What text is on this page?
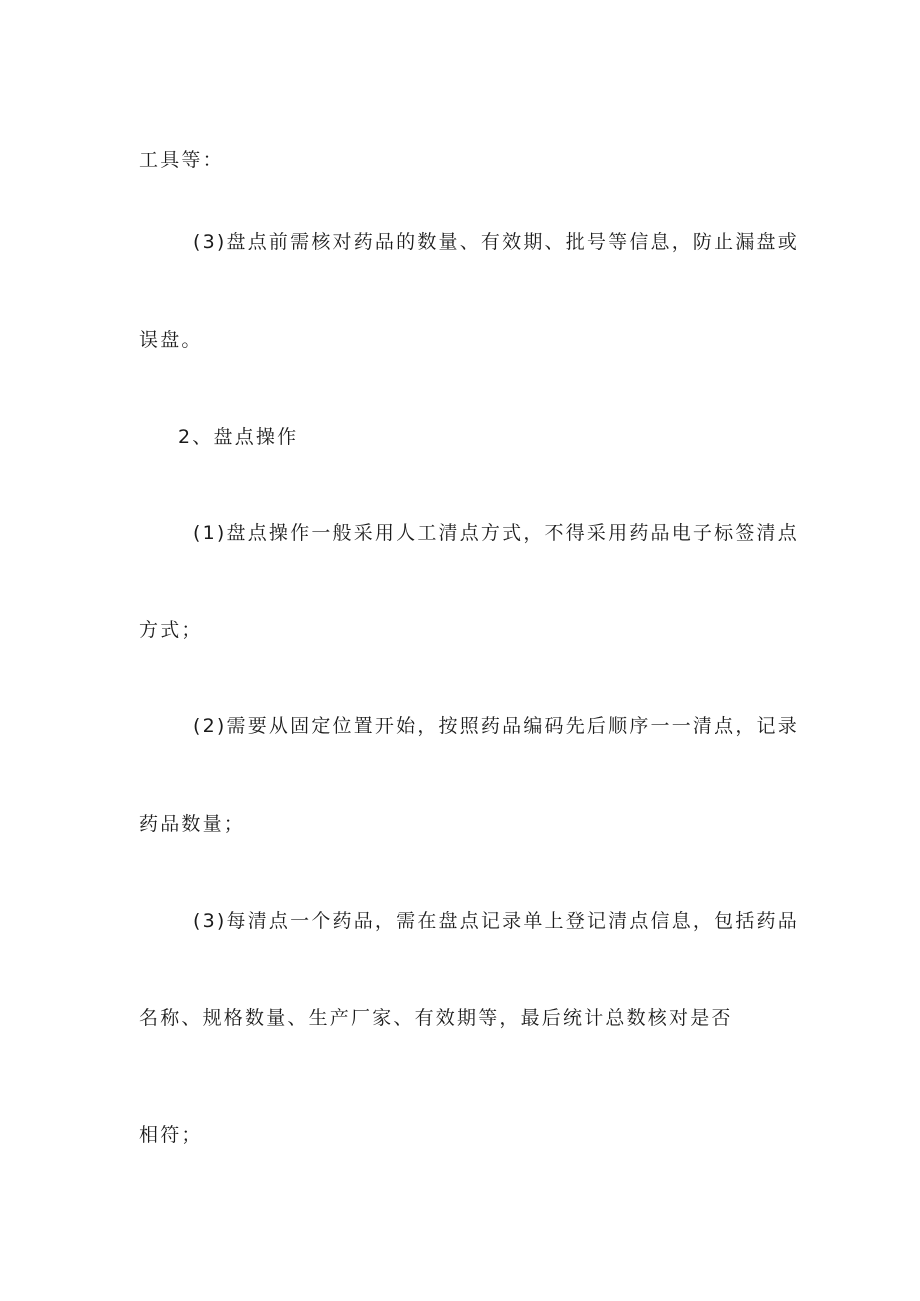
工具等：
(3)盘点前需核对药品的数量、有效期、批号等信息，防止漏盘或
误盘。
2、盘点操作
(1)盘点操作一般采用人工清点方式，不得采用药品电子标签清点
方式；
(2)需要从固定位置开始，按照药品编码先后顺序一一清点，记录
药品数量；
(3)每清点一个药品，需在盘点记录单上登记清点信息，包括药品
名称、规格数量、生产厂家、有效期等，最后统计总数核对是否
相符；
